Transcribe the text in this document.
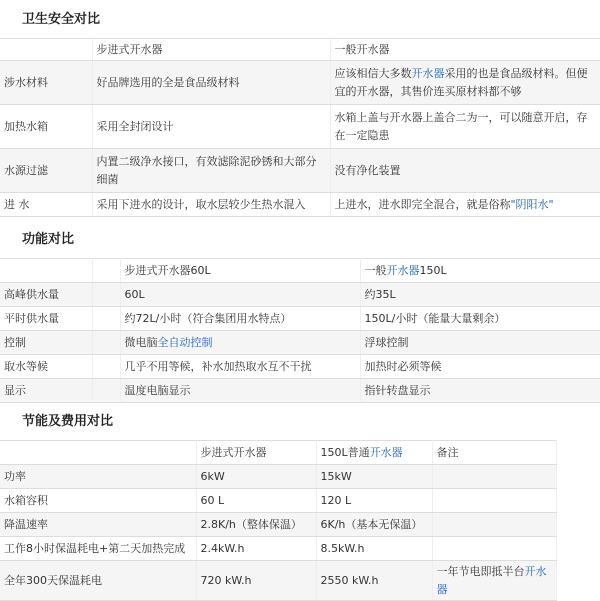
卫生安全对比
	步进式开水器	一般开水器
涉水材料	好品牌选用的全是食品级材料	应该相信大多数开水器采用的也是食品级材料。但便宜的开水器，其售价连买原材料都不够
加热水箱	采用全封闭设计	水箱上盖与开水器上盖合二为一，可以随意开启，存在一定隐患
水源过滤	内置二级净水接口，有效滤除泥砂锈和大部分细菌	没有净化装置
进 水	采用下进水的设计，取水层较少生热水混入	上进水，进水即完全混合，就是俗称"阴阳水"
功能对比
		步进式开水器60L	一般开水器150L
高峰供水量		60L	约35L
平时供水量		约72L/小时（符合集团用水特点）	150L/小时（能量大量剩余）
控制		微电脑全自动控制	浮球控制
取水等候		几乎不用等候，补水加热取水互不干扰	加热时必须等候
显示		温度电脑显示	指针转盘显示
节能及费用对比
	步进式开水器	150L普通开水器	备注
功率	6kW	15kW	
水箱容积	60 L	120 L	
降温速率	2.8K/h（整体保温）	6K/h（基本无保温）	
工作8小时保温耗电+第二天加热完成	2.4kW.h	8.5kW.h	
全年300天保温耗电	720 kW.h	2550 kW.h	一年节电即抵半台开水器
